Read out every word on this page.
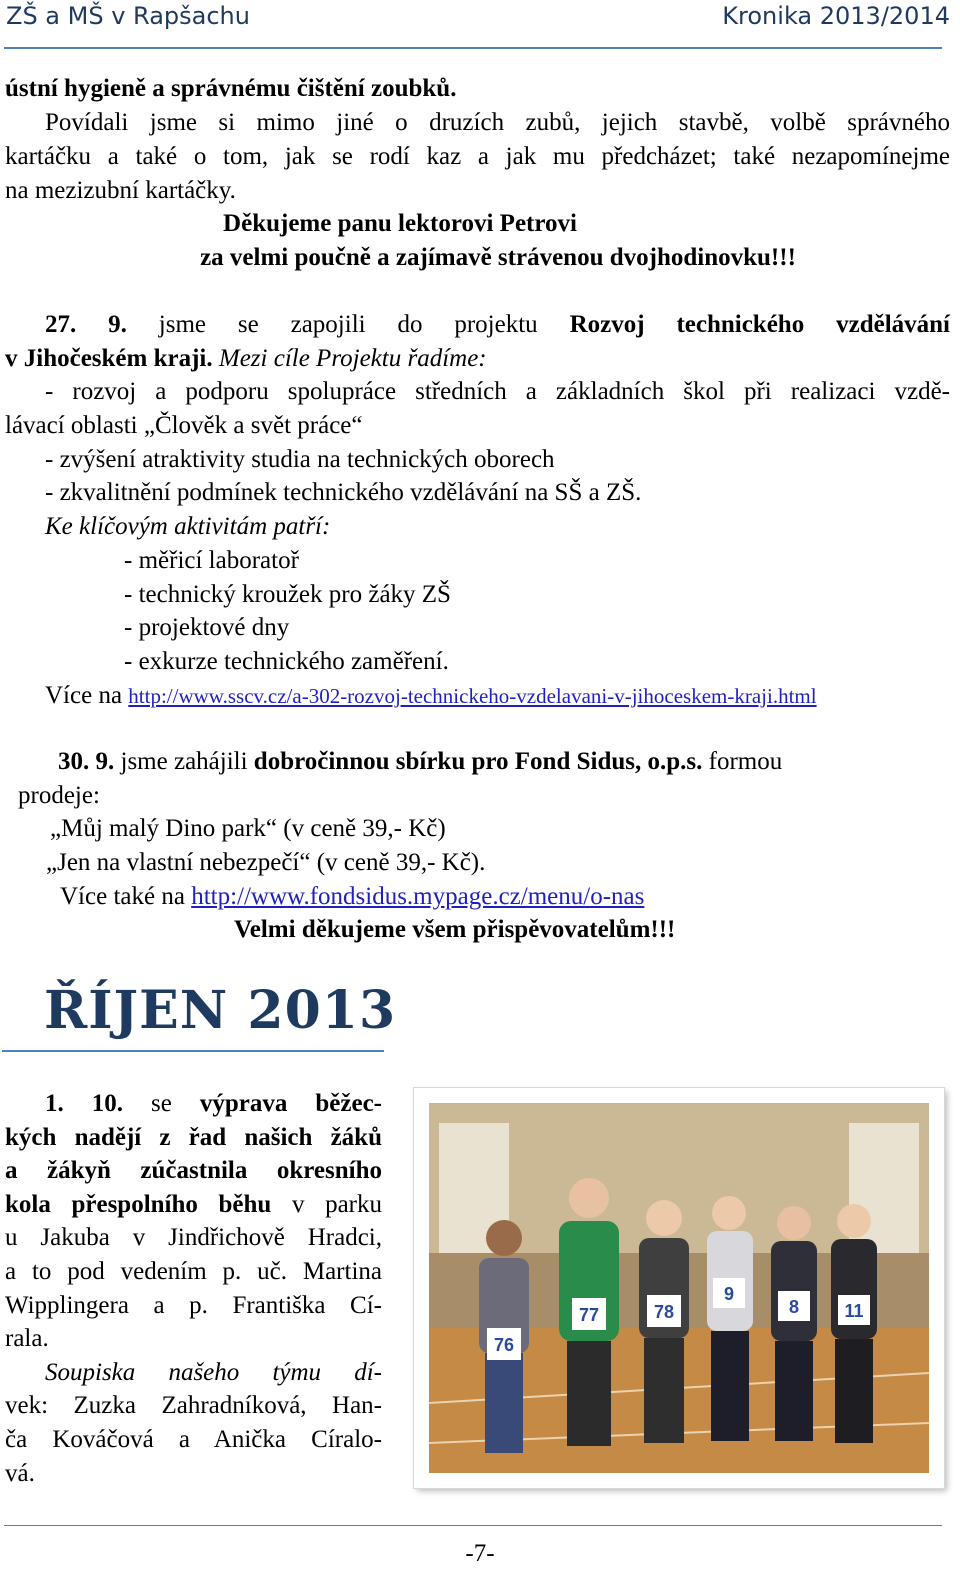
ZŠ a MŠ v Rapšachu	Kronika 2013/2014
ústní hygieně a správnému čištění zoubků.
Povídali jsme si mimo jiné o druzích zubů, jejich stavbě, volbě správného
kartáčku a také o tom, jak se rodí kaz a jak mu předcházet; také nezapomínejme
na mezizubní kartáčky.
Děkujeme panu lektorovi Petrovi
za velmi poučně a zajímavě strávenou dvojhodinovku!!!
27. 9. jsme se zapojili do projektu Rozvoj technického vzdělávání
v Jihočeském kraji. Mezi cíle Projektu řadíme:
- rozvoj a podporu spolupráce středních a základních škol při realizaci vzdě-
lávací oblasti „Člověk a svět práce“
- zvýšení atraktivity studia na technických oborech
- zkvalitnění podmínek technického vzdělávání na SŠ a ZŠ.
Ke klíčovým aktivitám patří:
- měřicí laboratoř
- technický kroužek pro žáky ZŠ
- projektové dny
- exkurze technického zaměření.
Více na http://www.sscv.cz/a-302-rozvoj-technickeho-vzdelavani-v-jihoceskem-kraji.html
30. 9. jsme zahájili dobročinnou sbírku pro Fond Sidus, o.p.s. formou
prodeje:
„Můj malý Dino park“ (v ceně 39,- Kč)
„Jen na vlastní nebezpečí“ (v ceně 39,- Kč).
Více také na http://www.fondsidus.mypage.cz/menu/o-nas
Velmi děkujeme všem přispěvovatelům!!!
ŘÍJEN 2013
1. 10. se výprava běžec-
kých nadějí z řad našich žáků
a žákyň zúčastnila okresního
kola přespolního běhu v parku
u Jakuba v Jindřichově Hradci,
a to pod vedením p. uč. Martina
Wipplingera a p. Františka Cí-
rala.
Soupiska našeho týmu dí-
vek: Zuzka Zahradníková, Han-
ča Kováčová a Anička Círalo-
vá.
76
77	78
9
8	11
-7-
